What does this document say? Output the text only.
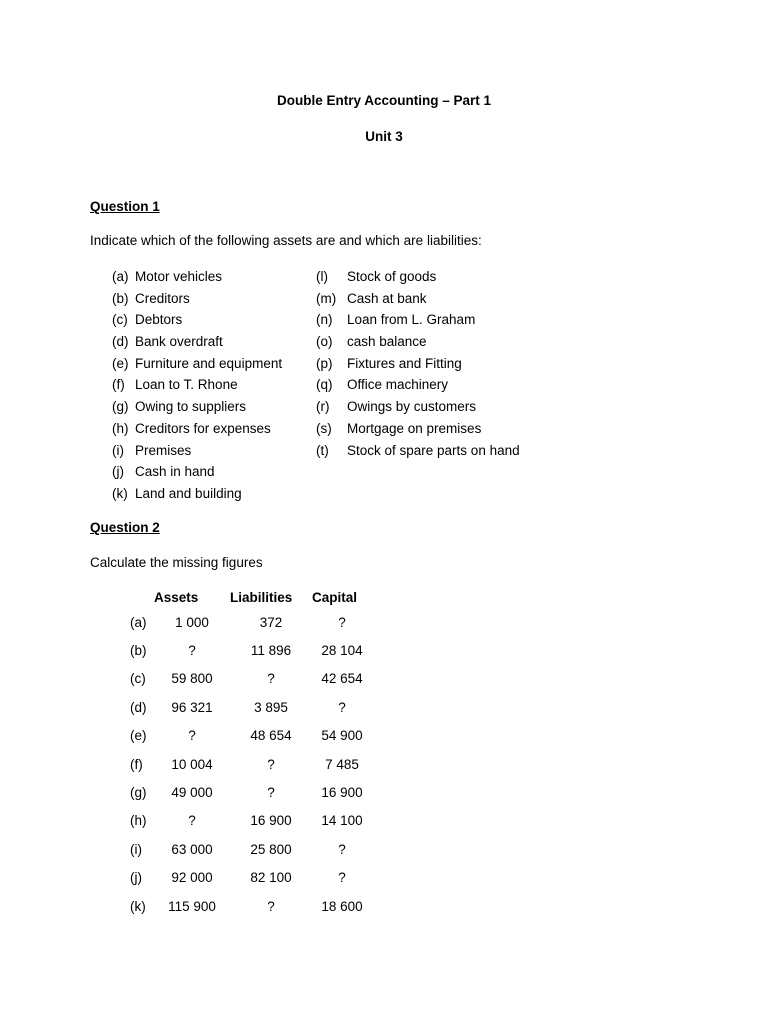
Double Entry Accounting – Part 1
Unit 3
Question 1
Indicate which of the following assets are and which are liabilities:
(a) Motor vehicles
(b) Creditors
(c) Debtors
(d) Bank overdraft
(e) Furniture and equipment
(f) Loan to T. Rhone
(g) Owing to suppliers
(h) Creditors for expenses
(i) Premises
(j) Cash in hand
(k) Land and building
(l) Stock of goods
(m) Cash at bank
(n) Loan from L. Graham
(o) cash balance
(p) Fixtures and Fitting
(q) Office machinery
(r) Owings by customers
(s) Mortgage on premises
(t) Stock of spare parts on hand
Question 2
Calculate the missing figures
	Assets	Liabilities	Capital
(a)	1 000	372	?
(b)	?	11 896	28 104
(c)	59 800	?	42 654
(d)	96 321	3 895	?
(e)	?	48 654	54 900
(f)	10 004	?	7 485
(g)	49 000	?	16 900
(h)	?	16 900	14 100
(i)	63 000	25 800	?
(j)	92 000	82 100	?
(k)	115 900	?	18 600
